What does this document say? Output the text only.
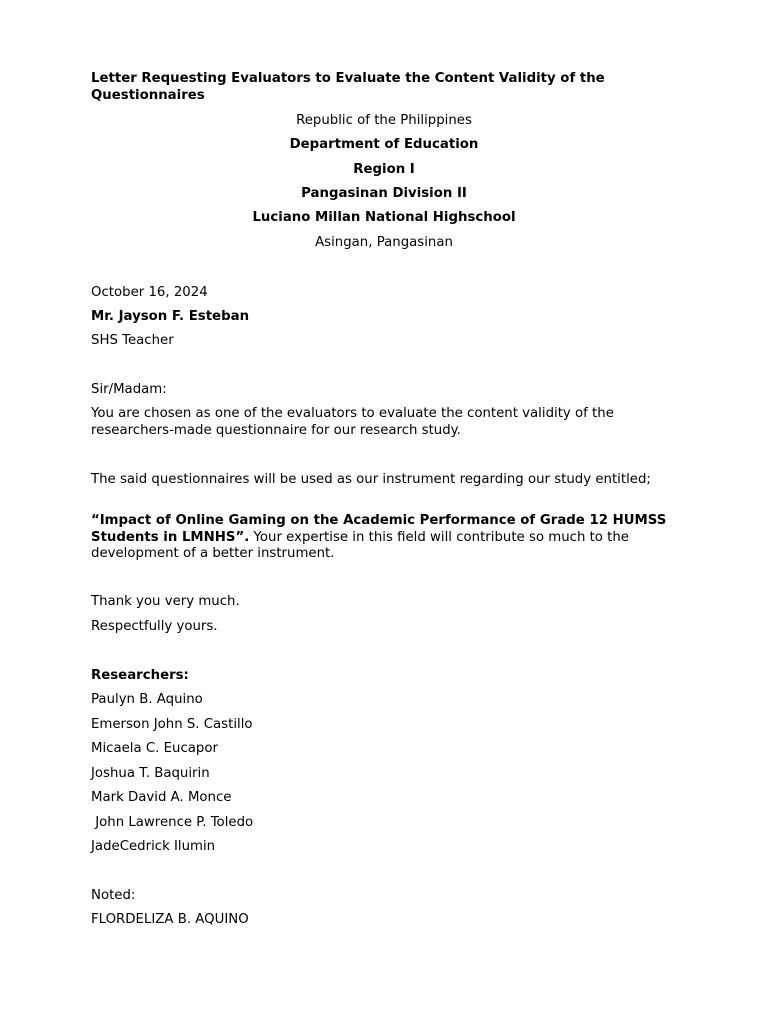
Letter Requesting Evaluators to Evaluate the Content Validity of the Questionnaires
Republic of the Philippines
Department of Education
Region I
Pangasinan Division II
Luciano Millan National Highschool
Asingan, Pangasinan
October 16, 2024
Mr. Jayson F. Esteban
SHS Teacher
Sir/Madam:
You are chosen as one of the evaluators to evaluate the content validity of the researchers-made questionnaire for our research study.
The said questionnaires will be used as our instrument regarding our study entitled;
“Impact of Online Gaming on the Academic Performance of Grade 12 HUMSS Students in LMNHS”. Your expertise in this field will contribute so much to the development of a better instrument.
Thank you very much.
Respectfully yours.
Researchers:
Paulyn B. Aquino
Emerson John S. Castillo
Micaela C. Eucapor
Joshua T. Baquirin
Mark David A. Monce
John Lawrence P. Toledo
JadeCedrick Ilumin
Noted:
FLORDELIZA B. AQUINO
